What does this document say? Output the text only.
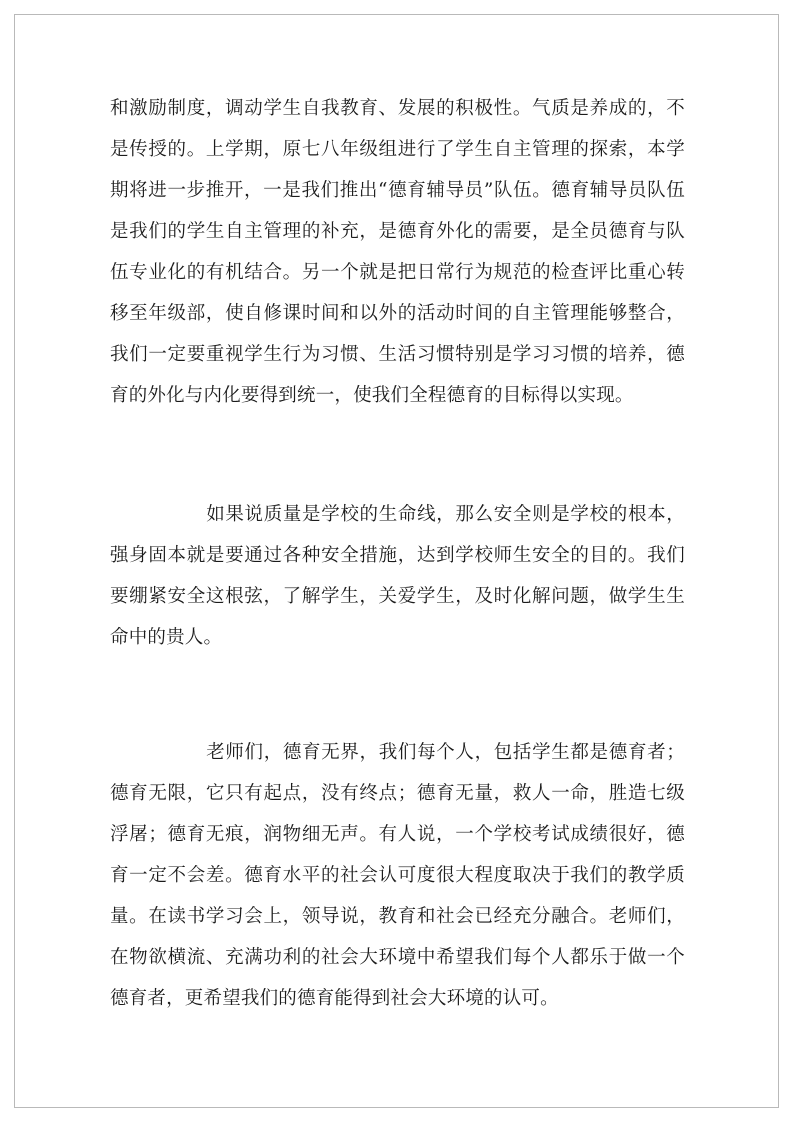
和激励制度，调动学生自我教育、发展的积极性。气质是养成的，不是传授的。上学期，原七八年级组进行了学生自主管理的探索，本学期将进一步推开，一是我们推出“德育辅导员”队伍。德育辅导员队伍是我们的学生自主管理的补充，是德育外化的需要，是全员德育与队伍专业化的有机结合。另一个就是把日常行为规范的检查评比重心转移至年级部，使自修课时间和以外的活动时间的自主管理能够整合，我们一定要重视学生行为习惯、生活习惯特别是学习习惯的培养，德育的外化与内化要得到统一，使我们全程德育的目标得以实现。

如果说质量是学校的生命线，那么安全则是学校的根本，强身固本就是要通过各种安全措施，达到学校师生安全的目的。我们要绷紧安全这根弦，了解学生，关爱学生，及时化解问题，做学生生命中的贵人。

老师们，德育无界，我们每个人，包括学生都是德育者；德育无限，它只有起点，没有终点；德育无量，救人一命，胜造七级浮屠；德育无痕，润物细无声。有人说，一个学校考试成绩很好，德育一定不会差。德育水平的社会认可度很大程度取决于我们的教学质量。在读书学习会上，领导说，教育和社会已经充分融合。老师们，在物欲横流、充满功利的社会大环境中希望我们每个人都乐于做一个德育者，更希望我们的德育能得到社会大环境的认可。
